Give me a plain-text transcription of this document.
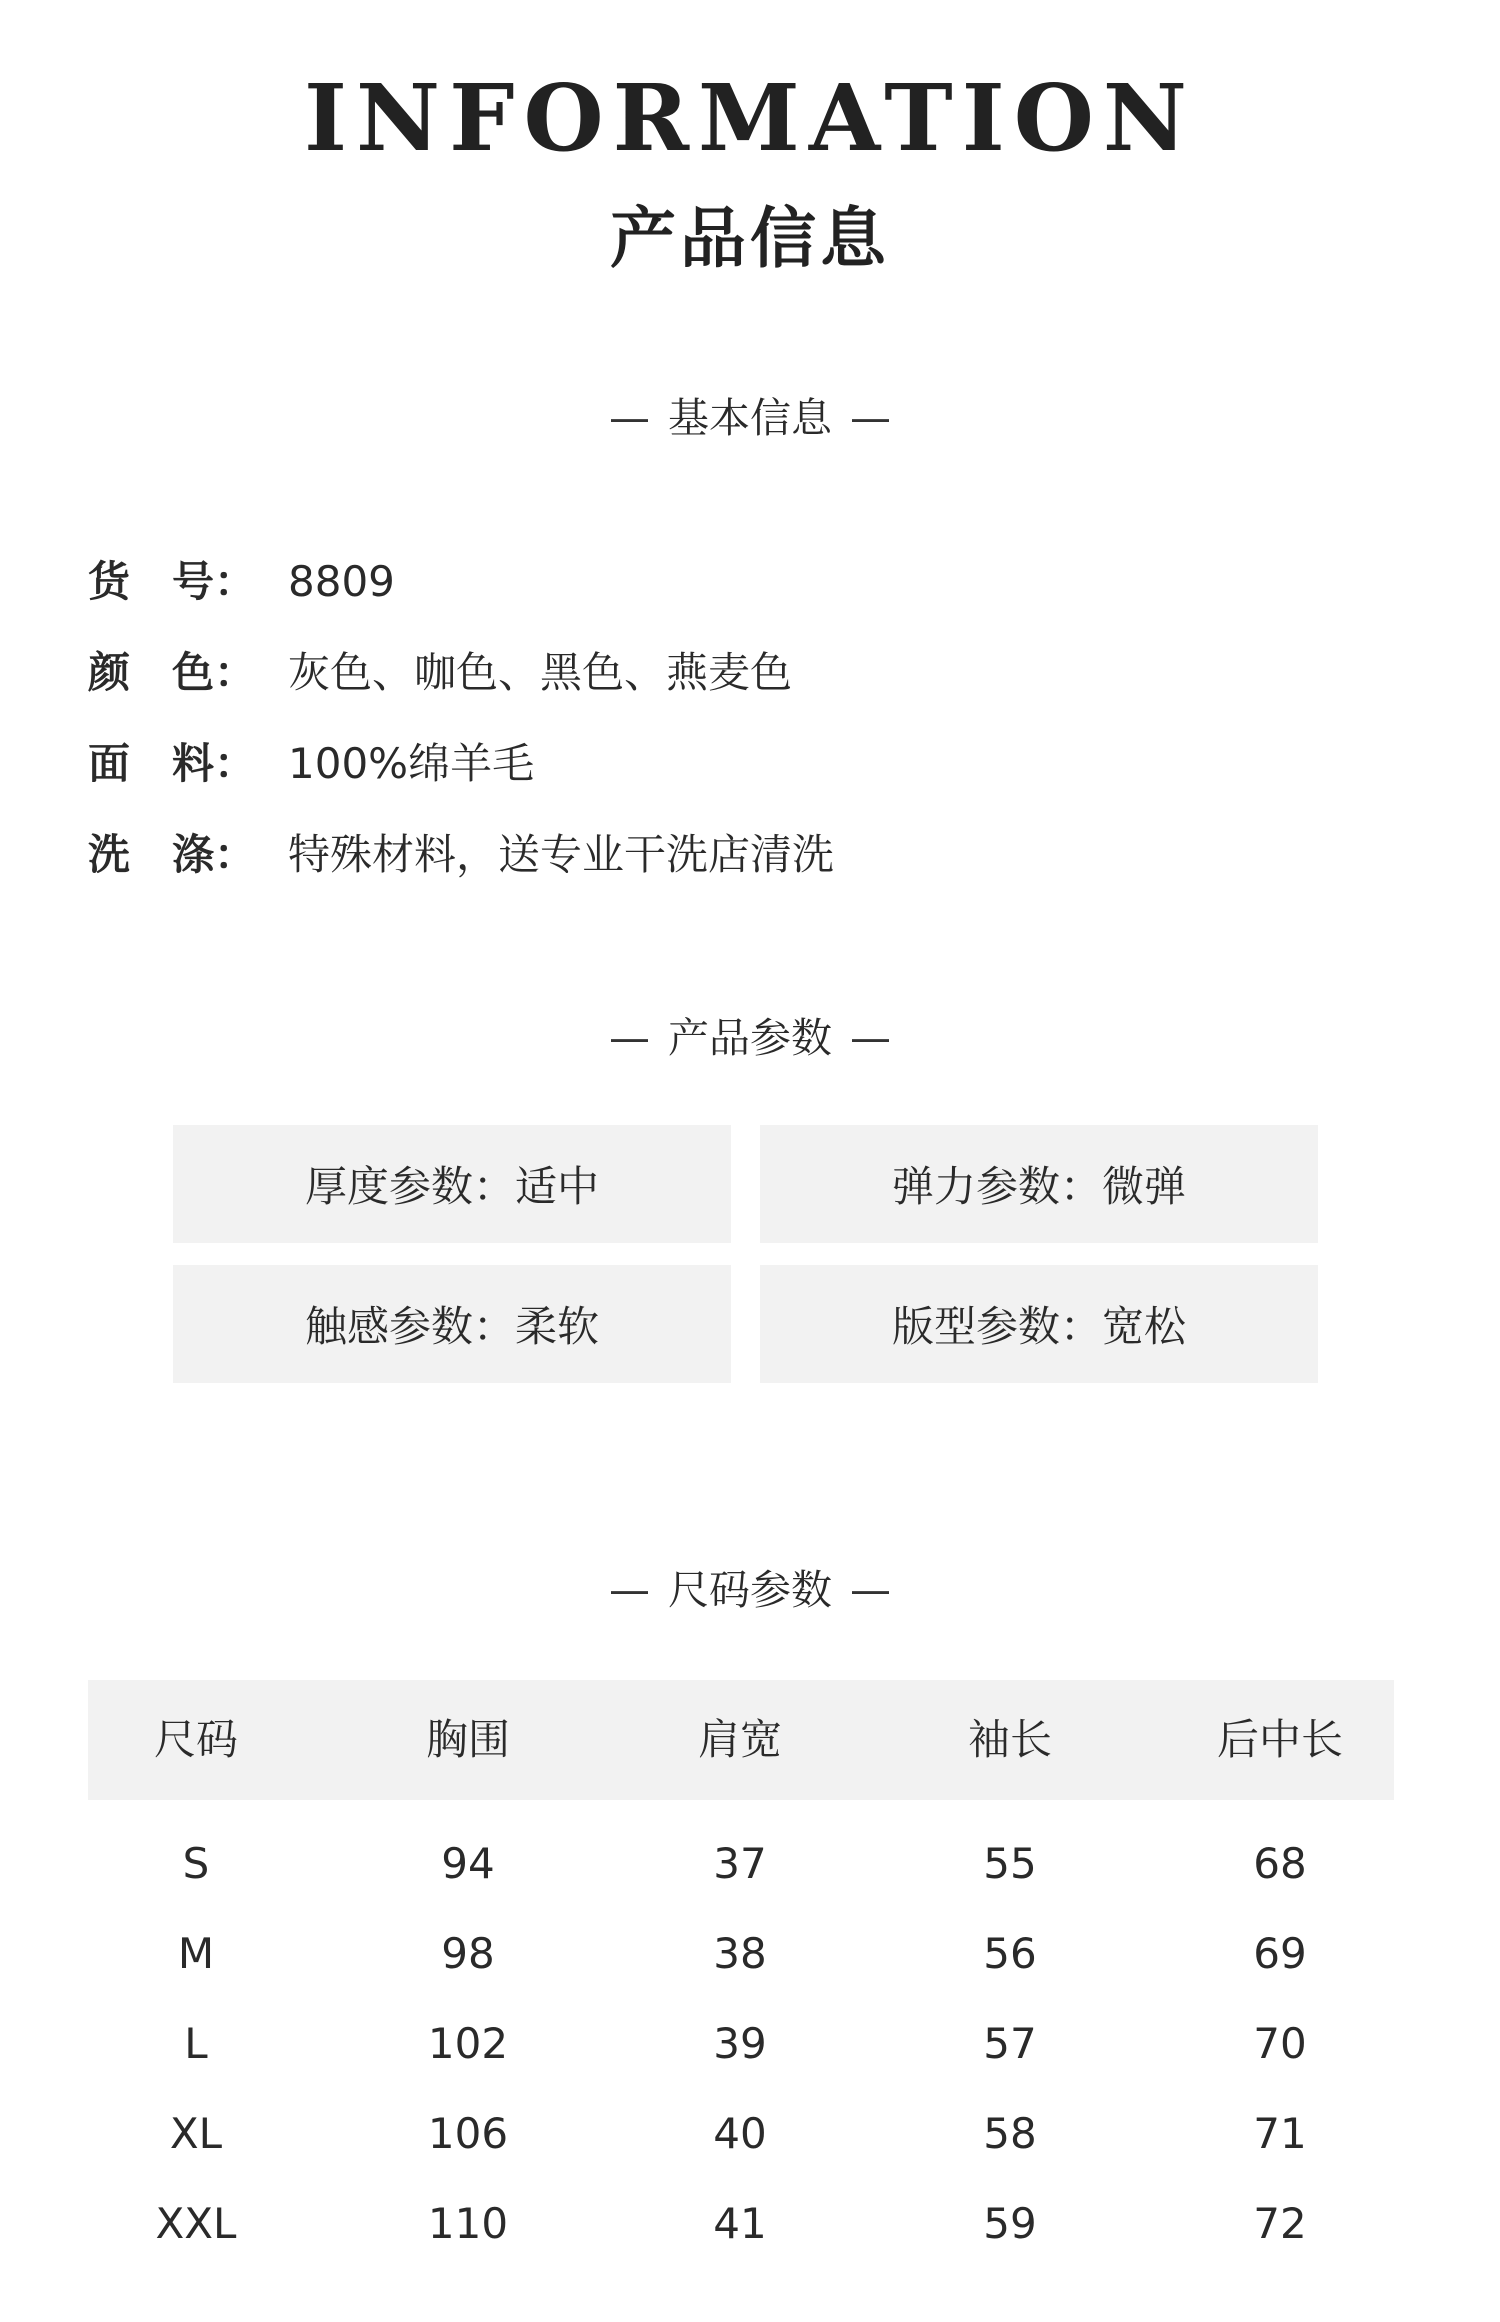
INFORMATION
产品信息
— 基本信息 —
货　号： 8809
颜　色： 灰色、咖色、黑色、燕麦色
面　料： 100%绵羊毛
洗　涤： 特殊材料，送专业干洗店清洗
— 产品参数 —
厚度参数：适中	弹力参数：微弹
触感参数：柔软	版型参数：宽松
— 尺码参数 —
尺码	胸围	肩宽	袖长	后中长
S	94	37	55	68
M	98	38	56	69
L	102	39	57	70
XL	106	40	58	71
XXL	110	41	59	72
